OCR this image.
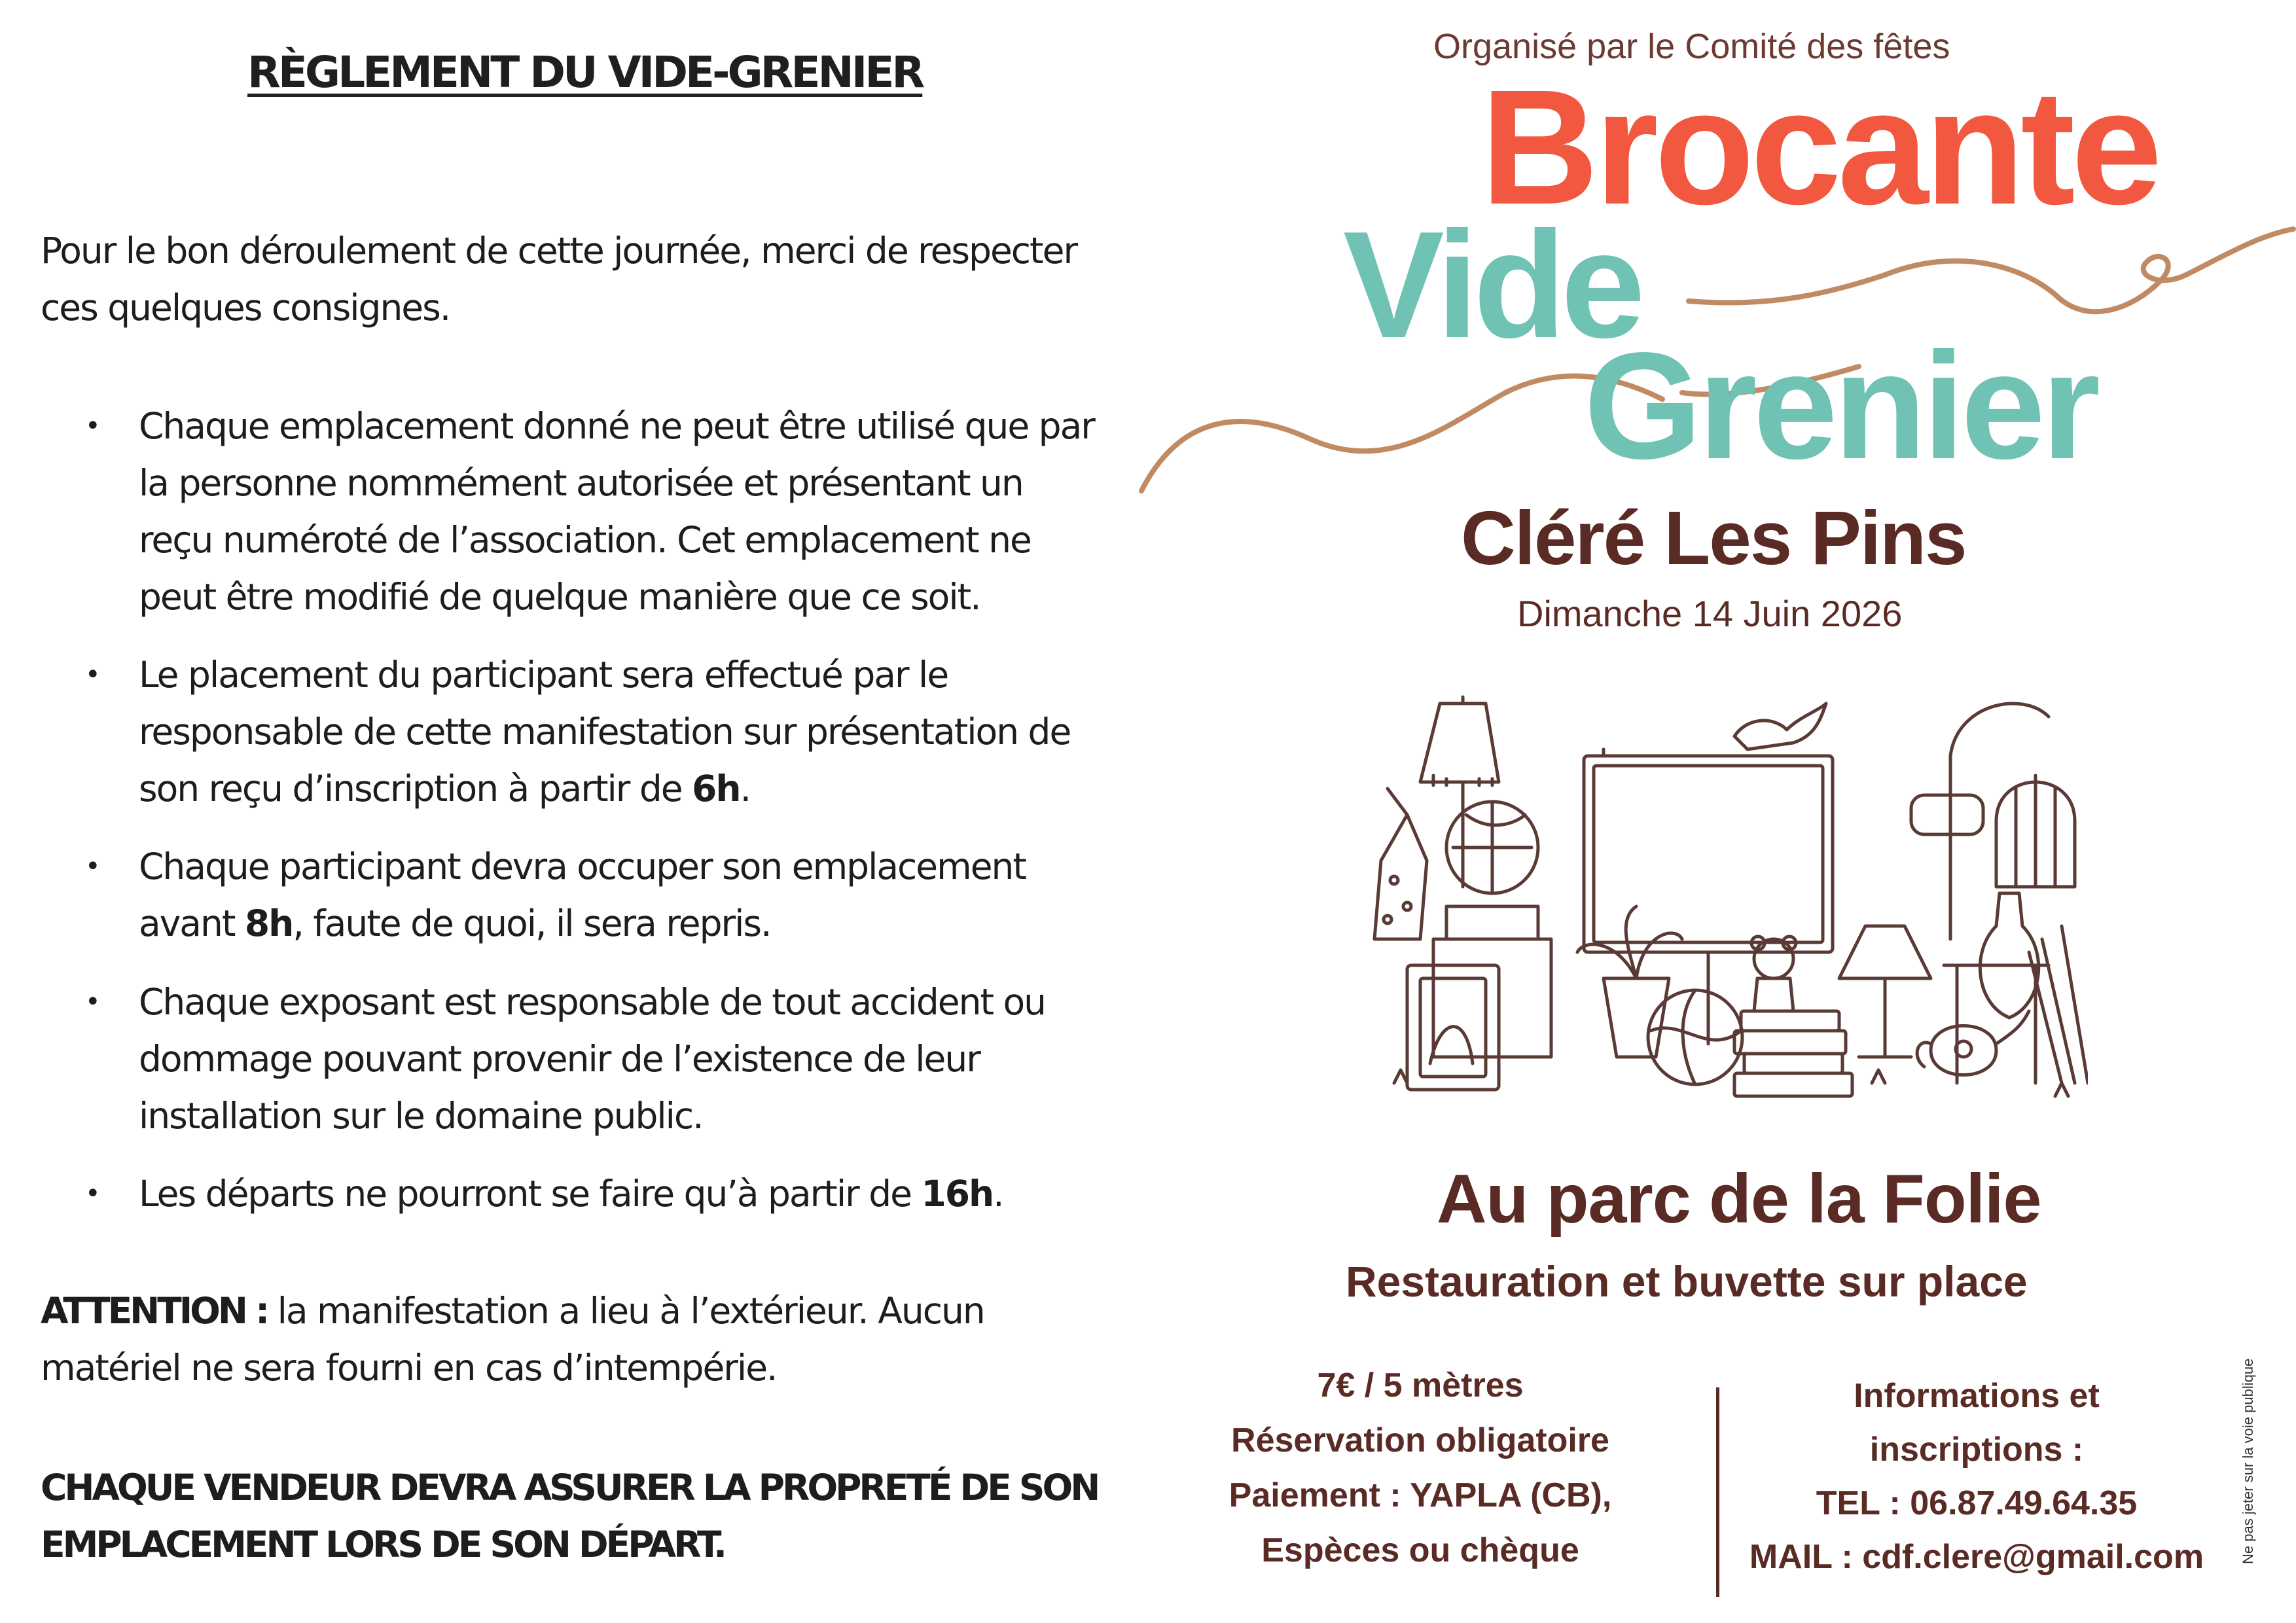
RÈGLEMENT DU VIDE-GRENIER
Pour le bon déroulement de cette journée, merci de respecter
ces quelques consignes.
• Chaque emplacement donné ne peut être utilisé que par
la personne nommément autorisée et présentant un
reçu numéroté de l’association. Cet emplacement ne
peut être modifié de quelque manière que ce soit.
• Le placement du participant sera effectué par le
responsable de cette manifestation sur présentation de
son reçu d’inscription à partir de 6h.
• Chaque participant devra occuper son emplacement
avant 8h, faute de quoi, il sera repris.
• Chaque exposant est responsable de tout accident ou
dommage pouvant provenir de l’existence de leur
installation sur le domaine public.
• Les départs ne pourront se faire qu’à partir de 16h.
ATTENTION : la manifestation a lieu à l’extérieur. Aucun
matériel ne sera fourni en cas d’intempérie.
CHAQUE VENDEUR DEVRA ASSURER LA PROPRETÉ DE SON
EMPLACEMENT LORS DE SON DÉPART.
Organisé par le Comité des fêtes
Brocante
Vide
Grenier
Cléré Les Pins
Dimanche 14 Juin 2026
Au parc de la Folie
Restauration et buvette sur place
7€ / 5 mètres
Réservation obligatoire
Paiement : YAPLA (CB),
Espèces ou chèque
Informations et
inscriptions :
TEL : 06.87.49.64.35
MAIL : cdf.clere@gmail.com	Ne pas jeter sur la voie publique
